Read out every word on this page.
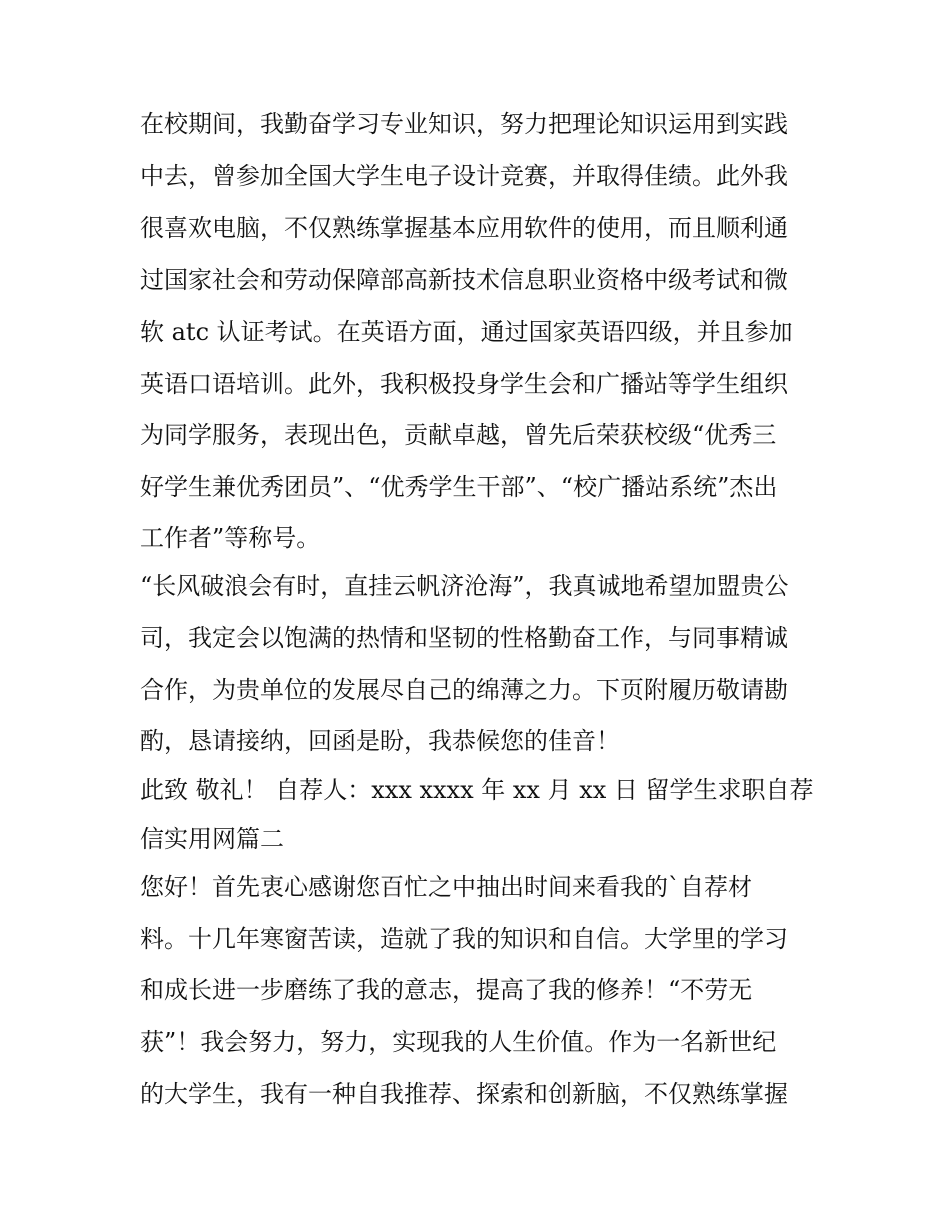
在校期间，我勤奋学习专业知识，努力把理论知识运用到实践
中去，曾参加全国大学生电子设计竞赛，并取得佳绩。此外我
很喜欢电脑，不仅熟练掌握基本应用软件的使用，而且顺利通
过国家社会和劳动保障部高新技术信息职业资格中级考试和微
软 atc 认证考试。在英语方面，通过国家英语四级，并且参加
英语口语培训。此外，我积极投身学生会和广播站等学生组织
为同学服务，表现出色，贡献卓越，曾先后荣获校级“优秀三
好学生兼优秀团员”、“优秀学生干部”、“校广播站系统”杰出
工作者”等称号。
“长风破浪会有时，直挂云帆济沧海”，我真诚地希望加盟贵公
司，我定会以饱满的热情和坚韧的性格勤奋工作，与同事精诚
合作，为贵单位的发展尽自己的绵薄之力。下页附履历敬请勘
酌，恳请接纳，回函是盼，我恭候您的佳音！
此致 敬礼！ 自荐人：xxx xxxx 年 xx 月 xx 日 留学生求职自荐
信实用网篇二
您好！首先衷心感谢您百忙之中抽出时间来看我的`自荐材
料。十几年寒窗苦读，造就了我的知识和自信。大学里的学习
和成长进一步磨练了我的意志，提高了我的修养！“不劳无
获”！我会努力，努力，实现我的人生价值。作为一名新世纪
的大学生，我有一种自我推荐、探索和创新脑，不仅熟练掌握
